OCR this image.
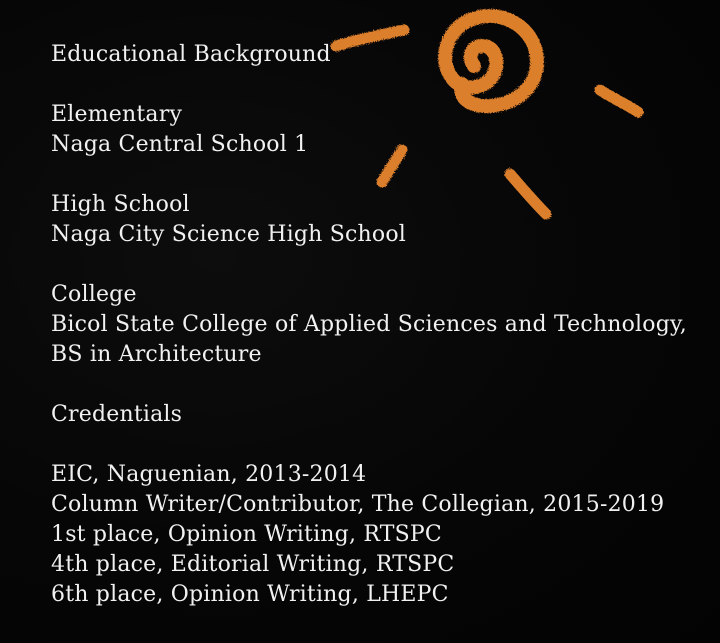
Educational Background
Elementary
Naga Central School 1
High School
Naga City Science High School
College
Bicol State College of Applied Sciences and Technology,
BS in Architecture
Credentials
EIC, Naguenian, 2013-2014
Column Writer/Contributor, The Collegian, 2015-2019
1st place, Opinion Writing, RTSPC
4th place, Editorial Writing, RTSPC
6th place, Opinion Writing, LHEPC
